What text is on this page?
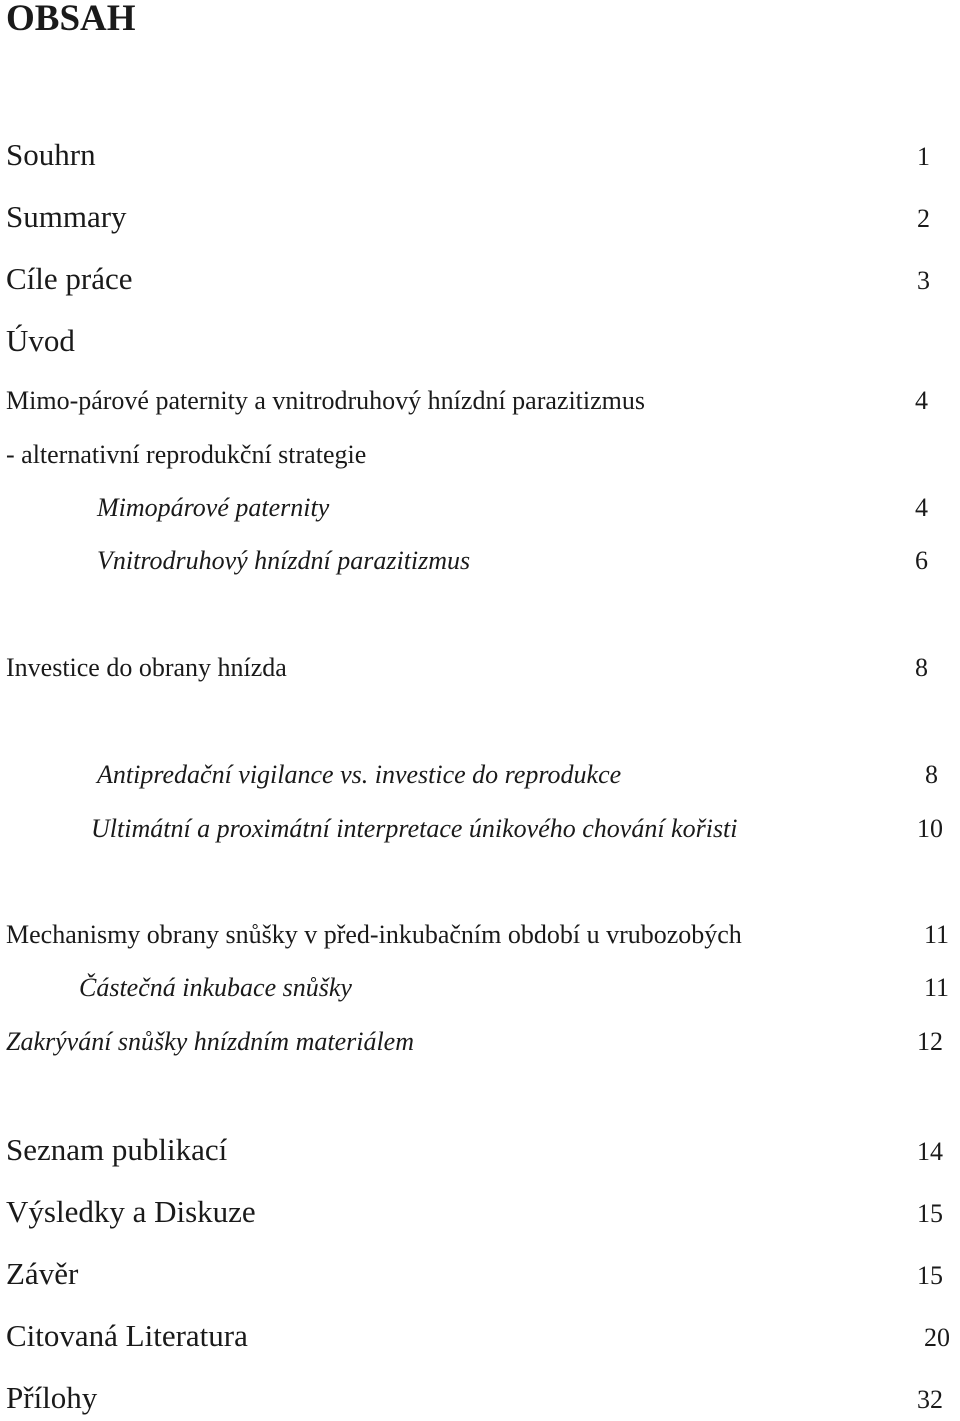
OBSAH
Souhrn	1
Summary	2
Cíle práce	3
Úvod
Mimo-párové paternity a vnitrodruhový hnízdní parazitizmus	4
- alternativní reprodukční strategie
Mimopárové paternity	4
Vnitrodruhový hnízdní parazitizmus	6
Investice do obrany hnízda	8
Antipredační vigilance vs. investice do reprodukce	8
Ultimátní a proximátní interpretace únikového chování kořisti	10
Mechanismy obrany snůšky v před-inkubačním období u vrubozobých	11
Částečná inkubace snůšky	11
Zakrývání snůšky hnízdním materiálem	12
Seznam publikací	14
Výsledky a Diskuze	15
Závěr	15
Citovaná Literatura	20
Přílohy	32
